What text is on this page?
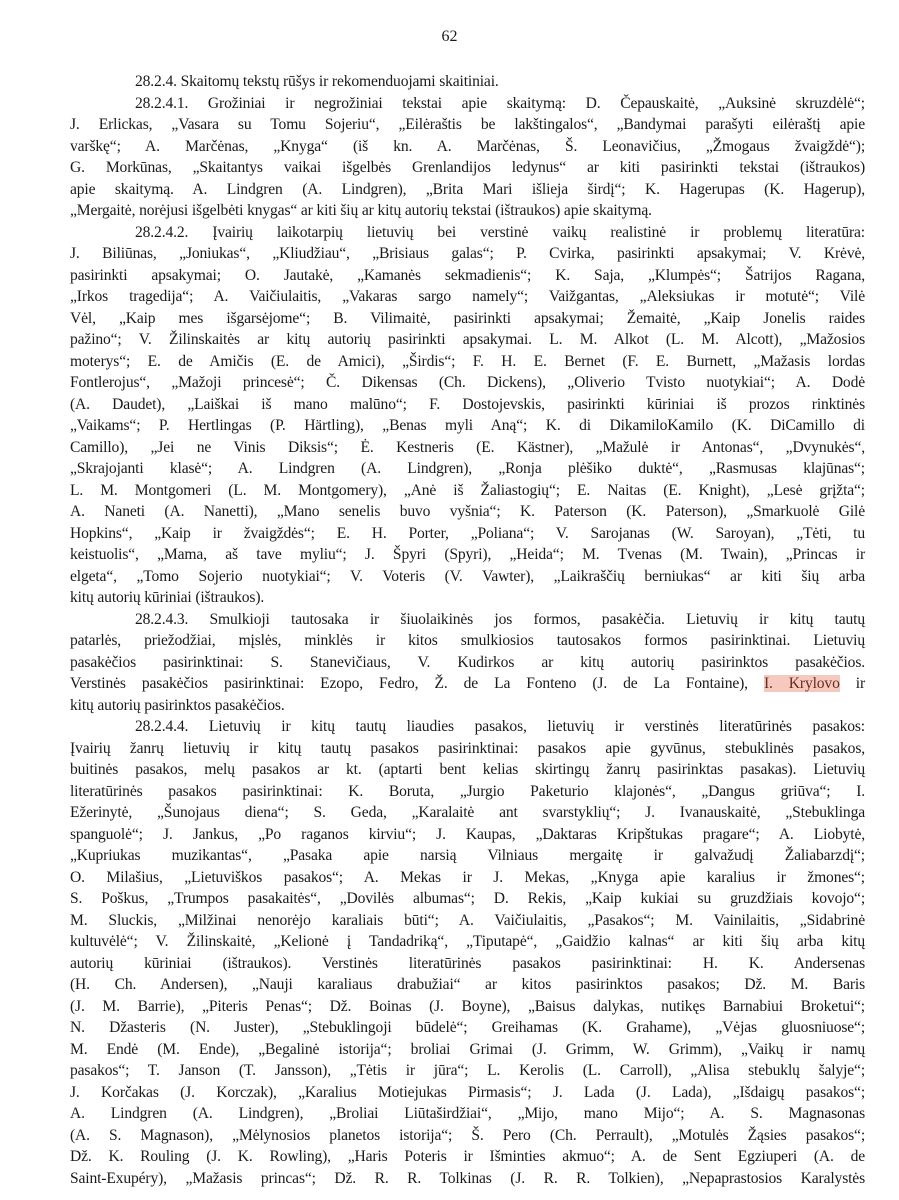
62
28.2.4. Skaitomų tekstų rūšys ir rekomenduojami skaitiniai.
28.2.4.1. Grožiniai ir negrožiniai tekstai apie skaitymą: D. Čepauskaitė, „Auksinė skruzdėlė“;
J. Erlickas, „Vasara su Tomu Sojeriu“, „Eilėraštis be lakštingalos“, „Bandymai parašyti eilėraštį apie
varškę“; A. Marčėnas, „Knyga“ (iš kn. A. Marčėnas, Š. Leonavičius, „Žmogaus žvaigždė“);
G. Morkūnas, „Skaitantys vaikai išgelbės Grenlandijos ledynus“ ar kiti pasirinkti tekstai (ištraukos)
apie skaitymą. A. Lindgren (A. Lindgren), „Brita Mari išlieja širdį“; K. Hagerupas (K. Hagerup),
„Mergaitė, norėjusi išgelbėti knygas“ ar kiti šių ar kitų autorių tekstai (ištraukos) apie skaitymą.
28.2.4.2. Įvairių laikotarpių lietuvių bei verstinė vaikų realistinė ir problemų literatūra:
J. Biliūnas, „Joniukas“, „Kliudžiau“, „Brisiaus galas“; P. Cvirka, pasirinkti apsakymai; V. Krėvė,
pasirinkti apsakymai; O. Jautakė, „Kamanės sekmadienis“; K. Saja, „Klumpės“; Šatrijos Ragana,
„Irkos tragedija“; A. Vaičiulaitis, „Vakaras sargo namely“; Vaižgantas, „Aleksiukas ir motutė“; Vilė
Vėl, „Kaip mes išgarsėjome“; B. Vilimaitė, pasirinkti apsakymai; Žemaitė, „Kaip Jonelis raides
pažino“; V. Žilinskaitės ar kitų autorių pasirinkti apsakymai. L. M. Alkot (L. M. Alcott), „Mažosios
moterys“; E. de Amičis (E. de Amici), „Širdis“; F. H. E. Bernet (F. E. Burnett, „Mažasis lordas
Fontlerojus“, „Mažoji princesė“; Č. Dikensas (Ch. Dickens), „Oliverio Tvisto nuotykiai“; A. Dodė
(A. Daudet), „Laiškai iš mano malūno“; F. Dostojevskis, pasirinkti kūriniai iš prozos rinktinės
„Vaikams“; P. Hertlingas (P. Härtling), „Benas myli Aną“; K. di DikamiloKamilo (K. DiCamillo di
Camillo), „Jei ne Vinis Diksis“; Ė. Kestneris (E. Kästner), „Mažulė ir Antonas“, „Dvynukės“,
„Skrajojanti klasė“; A. Lindgren (A. Lindgren), „Ronja plėšiko duktė“, „Rasmusas klajūnas“;
L. M. Montgomeri (L. M. Montgomery), „Anė iš Žaliastogių“; E. Naitas (E. Knight), „Lesė grįžta“;
A. Naneti (A. Nanetti), „Mano senelis buvo vyšnia“; K. Paterson (K. Paterson), „Smarkuolė Gilė
Hopkins“, „Kaip ir žvaigždės“; E. H. Porter, „Poliana“; V. Sarojanas (W. Saroyan), „Tėti, tu
keistuolis“, „Mama, aš tave myliu“; J. Špyri (Spyri), „Heida“; M. Tvenas (M. Twain), „Princas ir
elgeta“, „Tomo Sojerio nuotykiai“; V. Voteris (V. Vawter), „Laikraščių berniukas“ ar kiti šių arba
kitų autorių kūriniai (ištraukos).
28.2.4.3. Smulkioji tautosaka ir šiuolaikinės jos formos, pasakėčia. Lietuvių ir kitų tautų
patarlės, priežodžiai, mįslės, minklės ir kitos smulkiosios tautosakos formos pasirinktinai. Lietuvių
pasakėčios pasirinktinai: S. Stanevičiaus, V. Kudirkos ar kitų autorių pasirinktos pasakėčios.
Verstinės pasakėčios pasirinktinai: Ezopo, Fedro, Ž. de La Fonteno (J. de La Fontaine), I. Krylovo ir
kitų autorių pasirinktos pasakėčios.
28.2.4.4. Lietuvių ir kitų tautų liaudies pasakos, lietuvių ir verstinės literatūrinės pasakos:
Įvairių žanrų lietuvių ir kitų tautų pasakos pasirinktinai: pasakos apie gyvūnus, stebuklinės pasakos,
buitinės pasakos, melų pasakos ar kt. (aptarti bent kelias skirtingų žanrų pasirinktas pasakas). Lietuvių
literatūrinės pasakos pasirinktinai: K. Boruta, „Jurgio Paketurio klajonės“, „Dangus griūva“; I.
Ežerinytė, „Šunojaus diena“; S. Geda, „Karalaitė ant svarstyklių“; J. Ivanauskaitė, „Stebuklinga
spanguolė“; J. Jankus, „Po raganos kirviu“; J. Kaupas, „Daktaras Kripštukas pragare“; A. Liobytė,
„Kupriukas muzikantas“, „Pasaka apie narsią Vilniaus mergaitę ir galvažudį Žaliabarzdį“;
O. Milašius, „Lietuviškos pasakos“; A. Mekas ir J. Mekas, „Knyga apie karalius ir žmones“;
S. Poškus, „Trumpos pasakaitės“, „Dovilės albumas“; D. Rekis, „Kaip kukiai su gruzdžiais kovojo“;
M. Sluckis, „Milžinai nenorėjo karaliais būti“; A. Vaičiulaitis, „Pasakos“; M. Vainilaitis, „Sidabrinė
kultuvėlė“; V. Žilinskaitė, „Kelionė į Tandadriką“, „Tiputapė“, „Gaidžio kalnas“ ar kiti šių arba kitų
autorių kūriniai (ištraukos). Verstinės literatūrinės pasakos pasirinktinai: H. K. Andersenas
(H. Ch. Andersen), „Nauji karaliaus drabužiai“ ar kitos pasirinktos pasakos; Dž. M. Baris
(J. M. Barrie), „Piteris Penas“; Dž. Boinas (J. Boyne), „Baisus dalykas, nutikęs Barnabiui Broketui“;
N. Džasteris (N. Juster), „Stebuklingoji būdelė“; Greihamas (K. Grahame), „Vėjas gluosniuose“;
M. Endė (M. Ende), „Begalinė istorija“; broliai Grimai (J. Grimm, W. Grimm), „Vaikų ir namų
pasakos“; T. Janson (T. Jansson), „Tėtis ir jūra“; L. Kerolis (L. Carroll), „Alisa stebuklų šalyje“;
J. Korčakas (J. Korczak), „Karalius Motiejukas Pirmasis“; J. Lada (J. Lada), „Išdaigų pasakos“;
A. Lindgren (A. Lindgren), „Broliai Liūtaširdžiai“, „Mijo, mano Mijo“; A. S. Magnasonas
(A. S. Magnason), „Mėlynosios planetos istorija“; Š. Pero (Ch. Perrault), „Motulės Žąsies pasakos“;
Dž. K. Rouling (J. K. Rowling), „Haris Poteris ir Išminties akmuo“; A. de Sent Egziuperi (A. de
Saint-Exupéry), „Mažasis princas“; Dž. R. R. Tolkinas (J. R. R. Tolkien), „Nepaprastosios Karalystės
